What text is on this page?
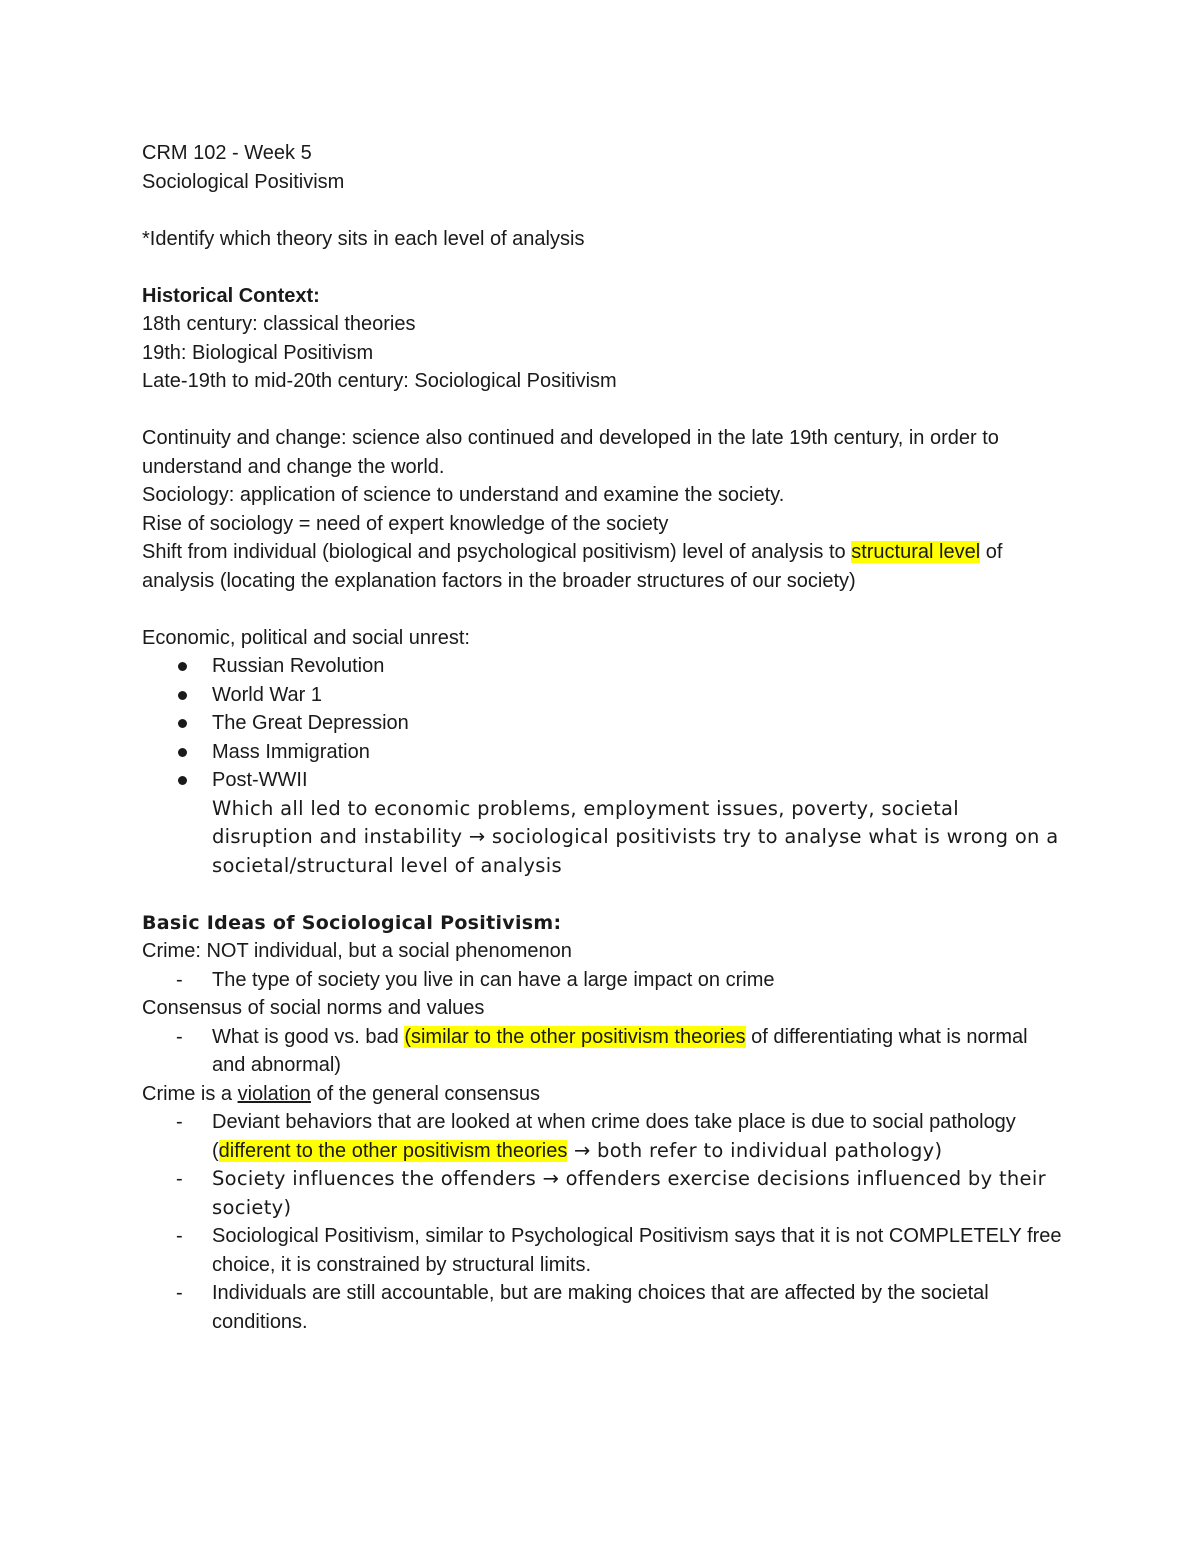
CRM 102 - Week 5
Sociological Positivism
*Identify which theory sits in each level of analysis
Historical Context:
18th century: classical theories
19th: Biological Positivism
Late-19th to mid-20th century: Sociological Positivism
Continuity and change: science also continued and developed in the late 19th century, in order to understand and change the world.
Sociology: application of science to understand and examine the society.
Rise of sociology = need of expert knowledge of the society
Shift from individual (biological and psychological positivism) level of analysis to structural level of analysis (locating the explanation factors in the broader structures of our society)
Economic, political and social unrest:
Russian Revolution
World War 1
The Great Depression
Mass Immigration
Post-WWII
Which all led to economic problems, employment issues, poverty, societal disruption and instability → sociological positivists try to analyse what is wrong on a societal/structural level of analysis
Basic Ideas of Sociological Positivism:
Crime: NOT individual, but a social phenomenon
- The type of society you live in can have a large impact on crime
Consensus of social norms and values
- What is good vs. bad (similar to the other positivism theories of differentiating what is normal and abnormal)
Crime is a violation of the general consensus
- Deviant behaviors that are looked at when crime does take place is due to social pathology (different to the other positivism theories → both refer to individual pathology)
- Society influences the offenders → offenders exercise decisions influenced by their society)
- Sociological Positivism, similar to Psychological Positivism says that it is not COMPLETELY free choice, it is constrained by structural limits.
- Individuals are still accountable, but are making choices that are affected by the societal conditions.
